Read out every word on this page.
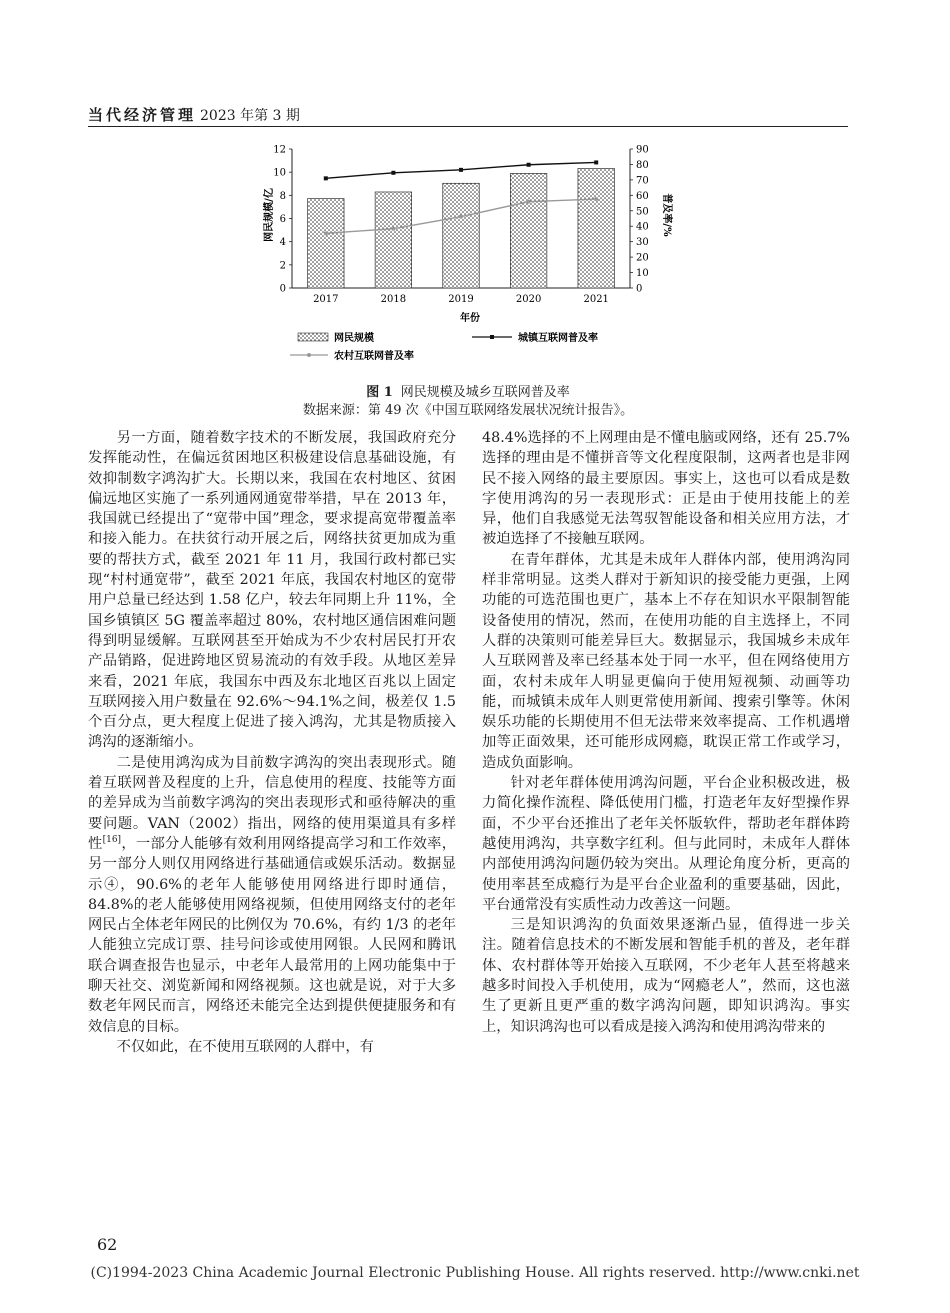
当代经济管理 2023 年第 3 期
0
2
4
6
8
10
12
0
10
20
30
40
50
60
70
80
90
2017	2018	2019	2020	2021
网民规模/亿	普及率/%
年份
网民规模	城镇互联网普及率
农村互联网普及率
图 1 网民规模及城乡互联网普及率
数据来源：第 49 次《中国互联网络发展状况统计报告》。

另一方面，随着数字技术的不断发展，我国政府充分发挥能动性，在偏远贫困地区积极建设信息基础设施，有效抑制数字鸿沟扩大。长期以来，我国在农村地区、贫困偏远地区实施了一系列通网通宽带举措，早在 2013 年，我国就已经提出了“宽带中国”理念，要求提高宽带覆盖率和接入能力。在扶贫行动开展之后，网络扶贫更加成为重要的帮扶方式，截至 2021 年 11 月，我国行政村都已实现“村村通宽带”，截至 2021 年底，我国农村地区的宽带用户总量已经达到 1.58 亿户，较去年同期上升 11%，全国乡镇镇区 5G 覆盖率超过 80%，农村地区通信困难问题得到明显缓解。互联网甚至开始成为不少农村居民打开农产品销路，促进跨地区贸易流动的有效手段。从地区差异来看，2021 年底，我国东中西及东北地区百兆以上固定互联网接入用户数量在 92.6%～94.1%之间，极差仅 1.5 个百分点，更大程度上促进了接入鸿沟，尤其是物质接入鸿沟的逐渐缩小。

二是使用鸿沟成为目前数字鸿沟的突出表现形式。随着互联网普及程度的上升，信息使用的程度、技能等方面的差异成为当前数字鸿沟的突出表现形式和亟待解决的重要问题。VAN（2002）指出，网络的使用渠道具有多样性[16]，一部分人能够有效利用网络提高学习和工作效率，另一部分人则仅用网络进行基础通信或娱乐活动。数据显示④，90.6%的老年人能够使用网络进行即时通信，84.8%的老人能够使用网络视频，但使用网络支付的老年网民占全体老年网民的比例仅为 70.6%，有约 1/3 的老年人能独立完成订票、挂号问诊或使用网银。人民网和腾讯联合调查报告也显示，中老年人最常用的上网功能集中于聊天社交、浏览新闻和网络视频。这也就是说，对于大多数老年网民而言，网络还未能完全达到提供便捷服务和有效信息的目标。

不仅如此，在不使用互联网的人群中，有

48.4%选择的不上网理由是不懂电脑或网络，还有 25.7%选择的理由是不懂拼音等文化程度限制，这两者也是非网民不接入网络的最主要原因。事实上，这也可以看成是数字使用鸿沟的另一表现形式：正是由于使用技能上的差异，他们自我感觉无法驾驭智能设备和相关应用方法，才被迫选择了不接触互联网。

在青年群体，尤其是未成年人群体内部，使用鸿沟同样非常明显。这类人群对于新知识的接受能力更强，上网功能的可选范围也更广，基本上不存在知识水平限制智能设备使用的情况，然而，在使用功能的自主选择上，不同人群的决策则可能差异巨大。数据显示，我国城乡未成年人互联网普及率已经基本处于同一水平，但在网络使用方面，农村未成年人明显更偏向于使用短视频、动画等功能，而城镇未成年人则更常使用新闻、搜索引擎等。休闲娱乐功能的长期使用不但无法带来效率提高、工作机遇增加等正面效果，还可能形成网瘾，耽误正常工作或学习，造成负面影响。

针对老年群体使用鸿沟问题，平台企业积极改进，极力简化操作流程、降低使用门槛，打造老年友好型操作界面，不少平台还推出了老年关怀版软件，帮助老年群体跨越使用鸿沟，共享数字红利。但与此同时，未成年人群体内部使用鸿沟问题仍较为突出。从理论角度分析，更高的使用率甚至成瘾行为是平台企业盈利的重要基础，因此，平台通常没有实质性动力改善这一问题。

三是知识鸿沟的负面效果逐渐凸显，值得进一步关注。随着信息技术的不断发展和智能手机的普及，老年群体、农村群体等开始接入互联网，不少老年人甚至将越来越多时间投入手机使用，成为“网瘾老人”，然而，这也滋生了更新且更严重的数字鸿沟问题，即知识鸿沟。事实上，知识鸿沟也可以看成是接入鸿沟和使用鸿沟带来的

62
(C)1994-2023 China Academic Journal Electronic Publishing House. All rights reserved. http://www.cnki.net
